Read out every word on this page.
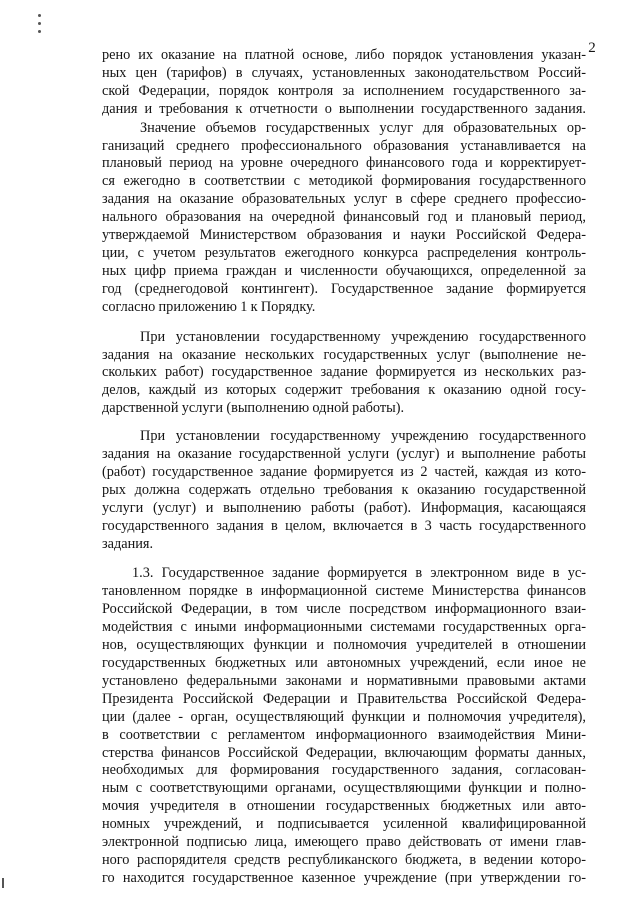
2

рено их оказание на платной основе, либо порядок установления указан-
ных цен (тарифов) в случаях, установленных законодательством Россий-
ской Федерации, порядок контроля за исполнением государственного за-
дания и требования к отчетности о выполнении государственного задания.

Значение объемов государственных услуг для образовательных ор-
ганизаций среднего профессионального образования устанавливается на
плановый период на уровне очередного финансового года и корректирует-
ся ежегодно в соответствии с методикой формирования государственного
задания на оказание образовательных услуг в сфере среднего профессио-
нального образования на очередной финансовый год и плановый период,
утверждаемой Министерством образования и науки Российской Федера-
ции, с учетом результатов ежегодного конкурса распределения контроль-
ных цифр приема граждан и численности обучающихся, определенной за
год (среднегодовой контингент). Государственное задание формируется
согласно приложению 1 к Порядку.

При установлении государственному учреждению государственного
задания на оказание нескольких государственных услуг (выполнение не-
скольких работ) государственное задание формируется из нескольких раз-
делов, каждый из которых содержит требования к оказанию одной госу-
дарственной услуги (выполнению одной работы).

При установлении государственному учреждению государственного
задания на оказание государственной услуги (услуг) и выполнение работы
(работ) государственное задание формируется из 2 частей, каждая из кото-
рых должна содержать отдельно требования к оказанию государственной
услуги (услуг) и выполнению работы (работ). Информация, касающаяся
государственного задания в целом, включается в 3 часть государственного
задания.

1.3. Государственное задание формируется в электронном виде в ус-
тановленном порядке в информационной системе Министерства финансов
Российской Федерации, в том числе посредством информационного взаи-
модействия с иными информационными системами государственных орга-
нов, осуществляющих функции и полномочия учредителей в отношении
государственных бюджетных или автономных учреждений, если иное не
установлено федеральными законами и нормативными правовыми актами
Президента Российской Федерации и Правительства Российской Федера-
ции (далее - орган, осуществляющий функции и полномочия учредителя),
в соответствии с регламентом информационного взаимодействия Мини-
стерства финансов Российской Федерации, включающим форматы данных,
необходимых для формирования государственного задания, согласован-
ным с соответствующими органами, осуществляющими функции и полно-
мочия учредителя в отношении государственных бюджетных или авто-
номных учреждений, и подписывается усиленной квалифицированной
электронной подписью лица, имеющего право действовать от имени глав-
ного распорядителя средств республиканского бюджета, в ведении которо-
го находится государственное казенное учреждение (при утверждении го-
